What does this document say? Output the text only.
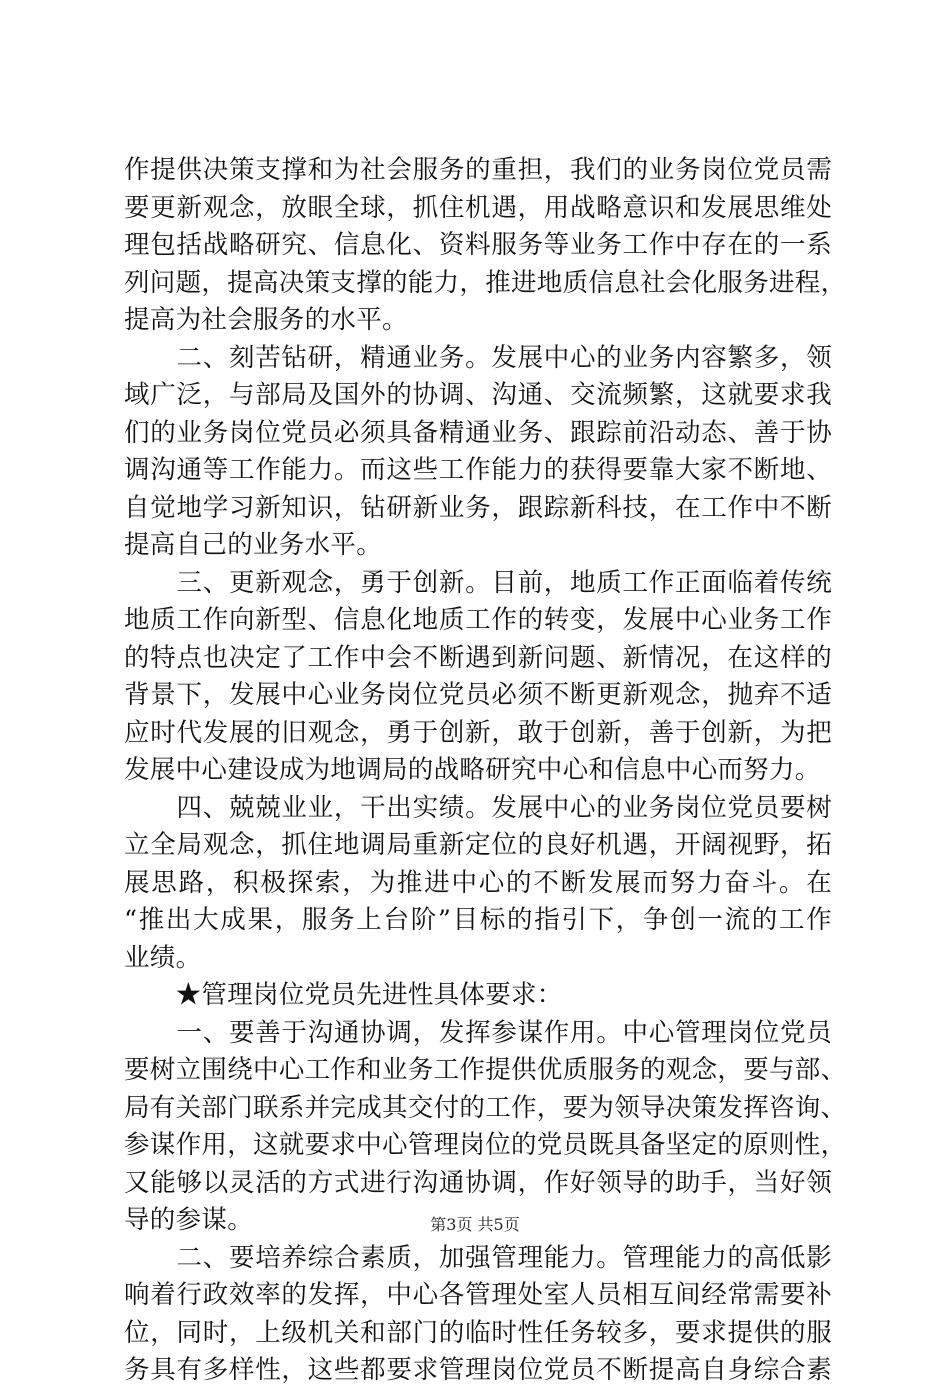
作提供决策支撑和为社会服务的重担，我们的业务岗位党员需
要更新观念，放眼全球，抓住机遇，用战略意识和发展思维处
理包括战略研究、信息化、资料服务等业务工作中存在的一系
列问题，提高决策支撑的能力，推进地质信息社会化服务进程，
提高为社会服务的水平。
　　二、刻苦钻研，精通业务。发展中心的业务内容繁多，领
域广泛，与部局及国外的协调、沟通、交流频繁，这就要求我
们的业务岗位党员必须具备精通业务、跟踪前沿动态、善于协
调沟通等工作能力。而这些工作能力的获得要靠大家不断地、
自觉地学习新知识，钻研新业务，跟踪新科技，在工作中不断
提高自己的业务水平。
　　三、更新观念，勇于创新。目前，地质工作正面临着传统
地质工作向新型、信息化地质工作的转变，发展中心业务工作
的特点也决定了工作中会不断遇到新问题、新情况，在这样的
背景下，发展中心业务岗位党员必须不断更新观念，抛弃不适
应时代发展的旧观念，勇于创新，敢于创新，善于创新，为把
发展中心建设成为地调局的战略研究中心和信息中心而努力。
　　四、兢兢业业，干出实绩。发展中心的业务岗位党员要树
立全局观念，抓住地调局重新定位的良好机遇，开阔视野，拓
展思路，积极探索，为推进中心的不断发展而努力奋斗。在
“推出大成果，服务上台阶”目标的指引下，争创一流的工作
业绩。
　　★管理岗位党员先进性具体要求：
　　一、要善于沟通协调，发挥参谋作用。中心管理岗位党员
要树立围绕中心工作和业务工作提供优质服务的观念，要与部、
局有关部门联系并完成其交付的工作，要为领导决策发挥咨询、
参谋作用，这就要求中心管理岗位的党员既具备坚定的原则性，
又能够以灵活的方式进行沟通协调，作好领导的助手，当好领
导的参谋。
　　二、要培养综合素质，加强管理能力。管理能力的高低影
响着行政效率的发挥，中心各管理处室人员相互间经常需要补
位，同时，上级机关和部门的临时性任务较多，要求提供的服
务具有多样性，这些都要求管理岗位党员不断提高自身综合素
第3页 共5页
